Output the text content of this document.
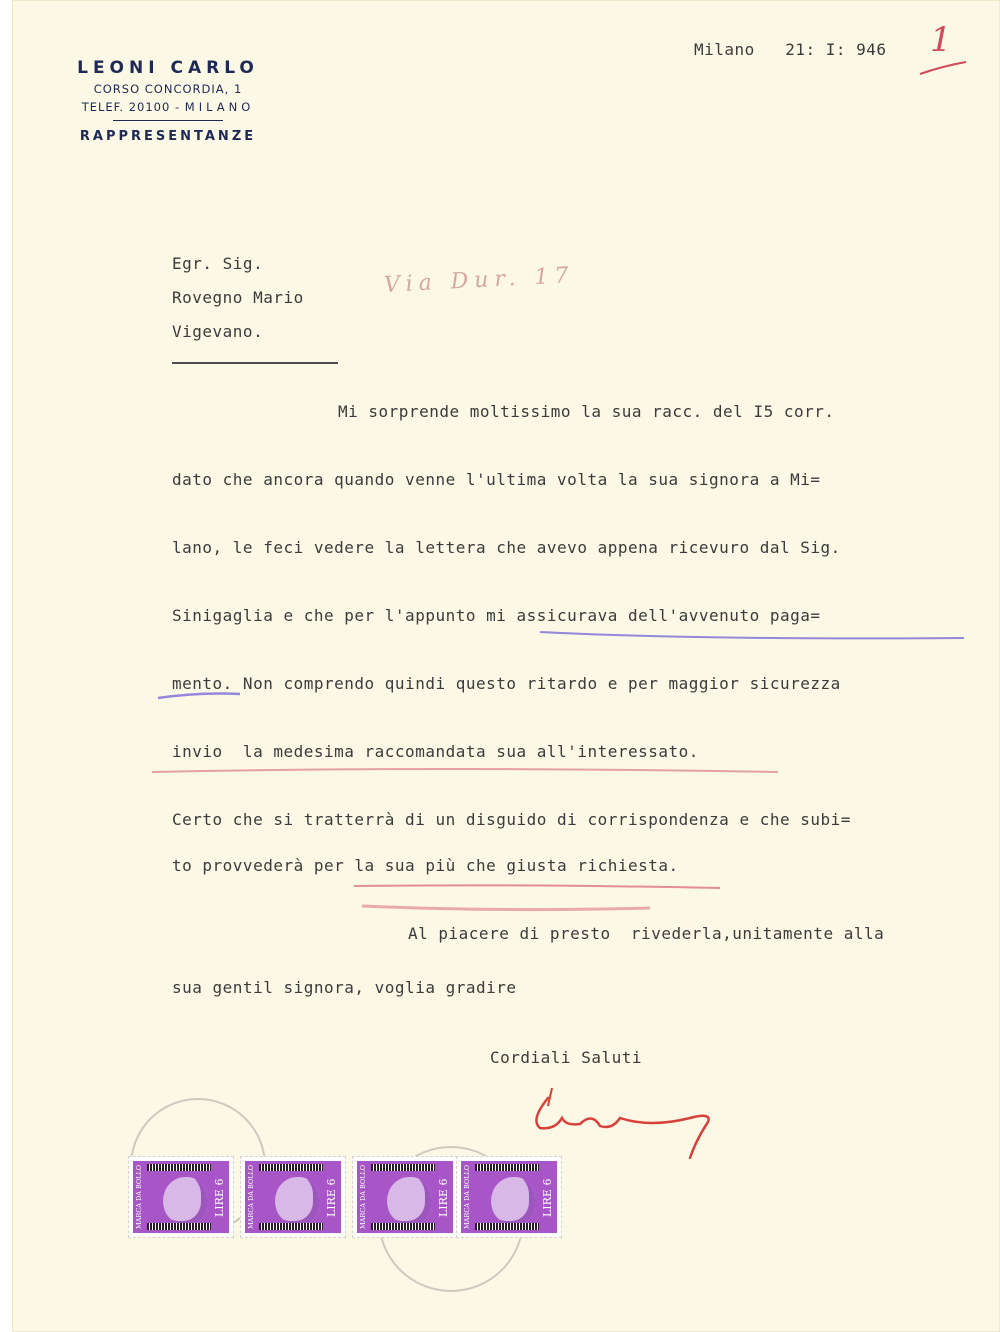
LEONI CARLO
CORSO CONCORDIA, 1
TELEF. 20100 - MILANO
RAPPRESENTANZE
Milano   21: I: 946 1
Egr. Sig.
Rovegno Mario
Vigevano.
Via Dur. 17
Mi sorprende moltissimo la sua racc. del I5 corr.
dato che ancora quando venne l'ultima volta la sua signora a Mi=
lano, le feci vedere la lettera che avevo appena ricevuro dal Sig.
Sinigaglia e che per l'appunto mi assicurava dell'avvenuto paga=
mento. Non comprendo quindi questo ritardo e per maggior sicurezza
invio  la medesima raccomandata sua all'interessato.
Certo che si tratterrà di un disguido di corrispondenza e che subi=
to provvederà per la sua più che giusta richiesta.
Al piacere di presto  rivederla,unitamente alla
sua gentil signora, voglia gradire
Cordiali Saluti
MARCA DA BOLLO	LIRE 6	MARCA DA BOLLO	LIRE 6	MARCA DA BOLLO	LIRE 6 MARCA DA BOLLO	LIRE 6
